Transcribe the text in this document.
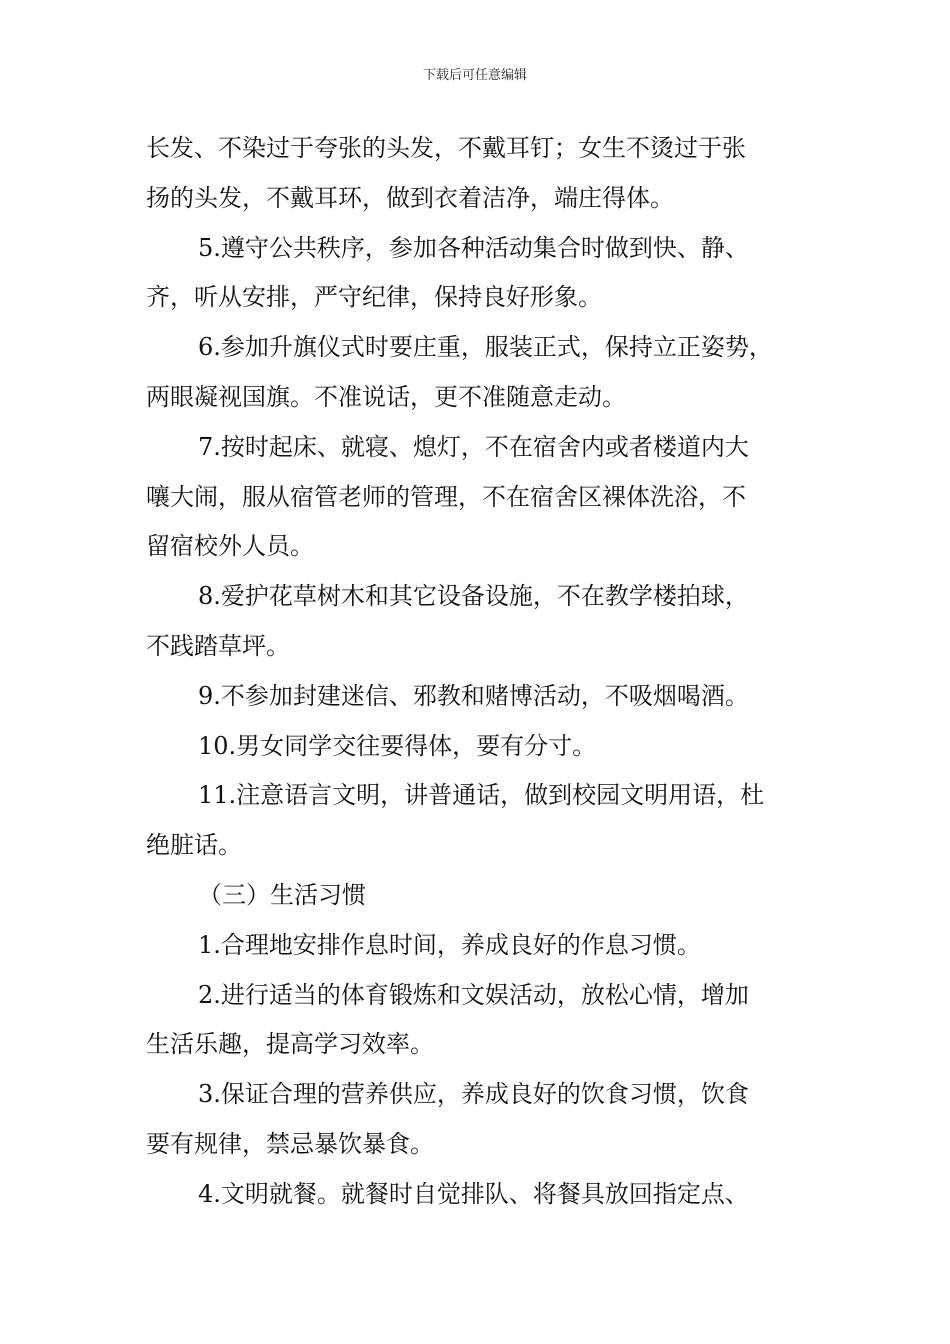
下载后可任意编辑
长发、不染过于夸张的头发，不戴耳钉；女生不烫过于张
扬的头发，不戴耳环，做到衣着洁净，端庄得体。
5.遵守公共秩序，参加各种活动集合时做到快、静、
齐，听从安排，严守纪律，保持良好形象。
6.参加升旗仪式时要庄重，服装正式，保持立正姿势，
两眼凝视国旗。不准说话，更不准随意走动。
7.按时起床、就寝、熄灯，不在宿舍内或者楼道内大
嚷大闹，服从宿管老师的管理，不在宿舍区裸体洗浴，不
留宿校外人员。
8.爱护花草树木和其它设备设施，不在教学楼拍球，
不践踏草坪。
9.不参加封建迷信、邪教和赌博活动，不吸烟喝酒。
10.男女同学交往要得体，要有分寸。
11.注意语言文明，讲普通话，做到校园文明用语，杜
绝脏话。
（三）生活习惯
1.合理地安排作息时间，养成良好的作息习惯。
2.进行适当的体育锻炼和文娱活动，放松心情，增加
生活乐趣，提高学习效率。
3.保证合理的营养供应，养成良好的饮食习惯，饮食
要有规律，禁忌暴饮暴食。
4.文明就餐。就餐时自觉排队、将餐具放回指定点、
